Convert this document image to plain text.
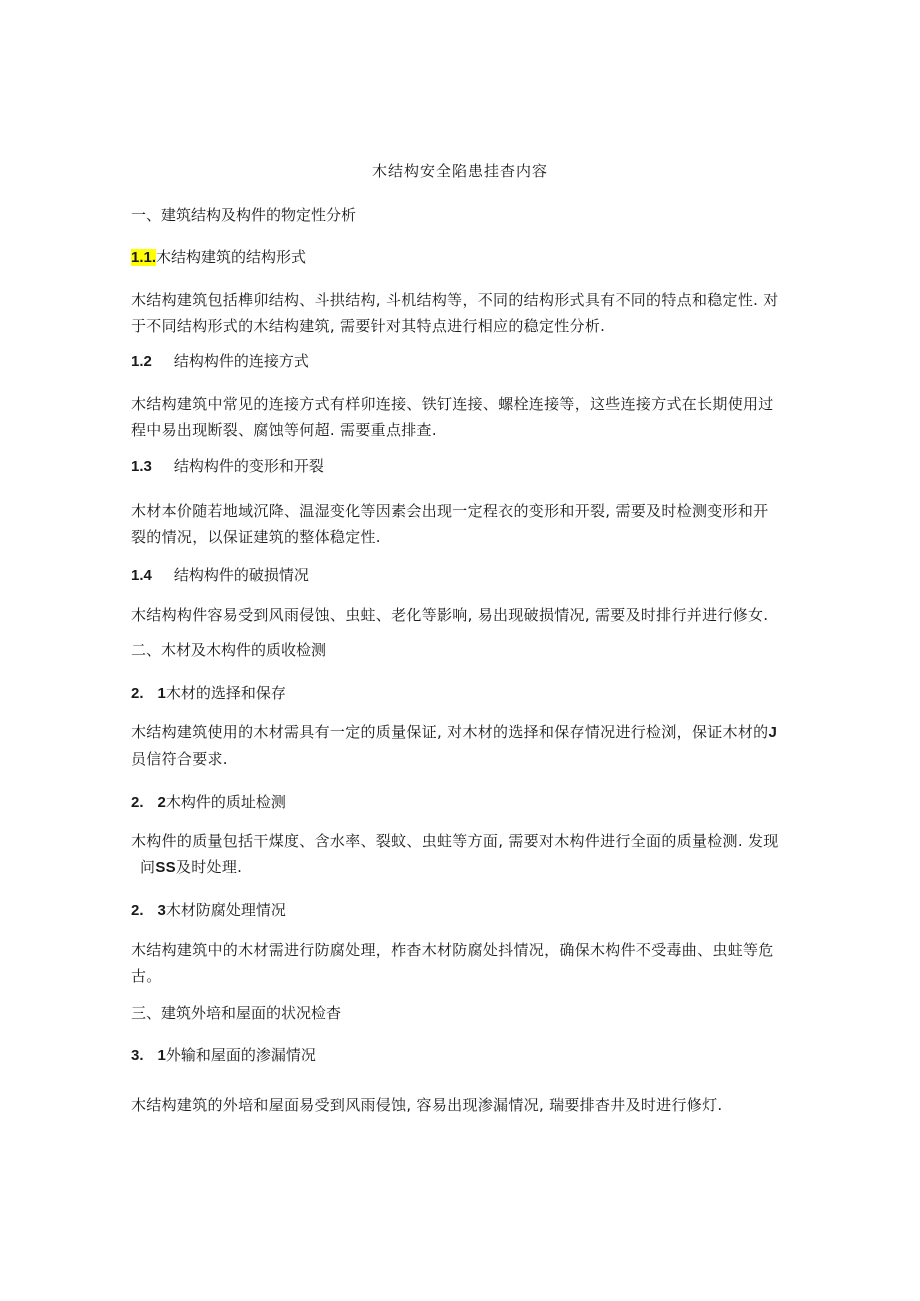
木结构安全陷患挂杳内容

一、建筑结构及构件的物定性分析

1.1.木结构建筑的结构形式

木结构建筑包括榫卯结构、斗拱结构, 斗机结构等，不同的结构形式具有不同的特点和稳定性. 对于不同结构形式的木结构建筑, 需要针对其特点进行相应的稳定性分析.

1.2 结构构件的连接方式

木结构建筑中常见的连接方式有样卯连接、铁钉连接、螺栓连接等，这些连接方式在长期使用过程中易出现断裂、腐蚀等何超. 需要重点排查.

1.3 结构构件的变形和开裂

木材本价随若地域沉降、温湿变化等因素会出现一定程衣的变形和开裂, 需要及时检测变形和开裂的情况，以保证建筑的整体稳定性.

1.4 结构构件的破损情况

木结构构件容易受到风雨侵蚀、虫蛀、老化等影响, 易出现破损情况, 需要及时排行并进行修女.

二、木材及木构件的质收检测

2. 1木材的选择和保存

木结构建筑使用的木材需具有一定的质量保证, 对木材的选择和保存情况进行检浏，保证木材的J
员信符合要求.

2. 2木构件的质址检测

木构件的质量包括干煤度、含水率、裂蚊、虫蛀等方面, 需要对木构件进行全面的质量检测. 发现
问SS及时处理.

2. 3木材防腐处理情况

木结构建筑中的木材需进行防腐处理，柞杳木材防腐处抖情况，确保木构件不受毒曲、虫蛀等危古。

三、建筑外培和屋面的状况检杳

3. 1外输和屋面的渗漏情况

木结构建筑的外培和屋面易受到风雨侵蚀, 容易出现渗漏情况, 瑞要排杳井及时进行修灯.
